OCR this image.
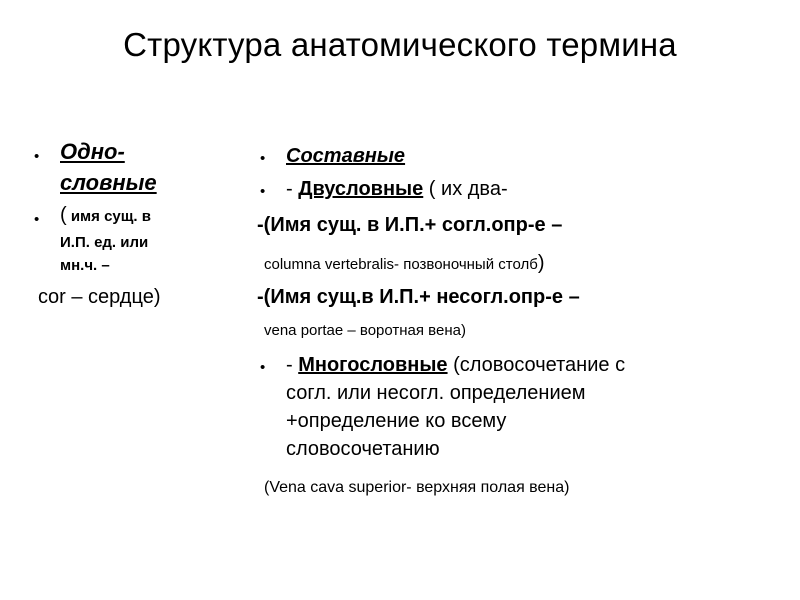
Структура анатомического термина
• Одно-
словные
• ( имя сущ. в
И.П. ед. или
мн.ч. –
cor – сердце)
• Составные
• - Двусловные ( их два-
-(Имя сущ. в И.П.+ согл.опр-е –
columna vertebralis- позвоночный столб)
-(Имя сущ.в И.П.+ несогл.опр-е –
vena portae – воротная вена)
• - Многословные (словосочетание с
согл. или несогл. определением
+определение ко всему
словосочетанию
(Vena cava superior- верхняя полая вена)
